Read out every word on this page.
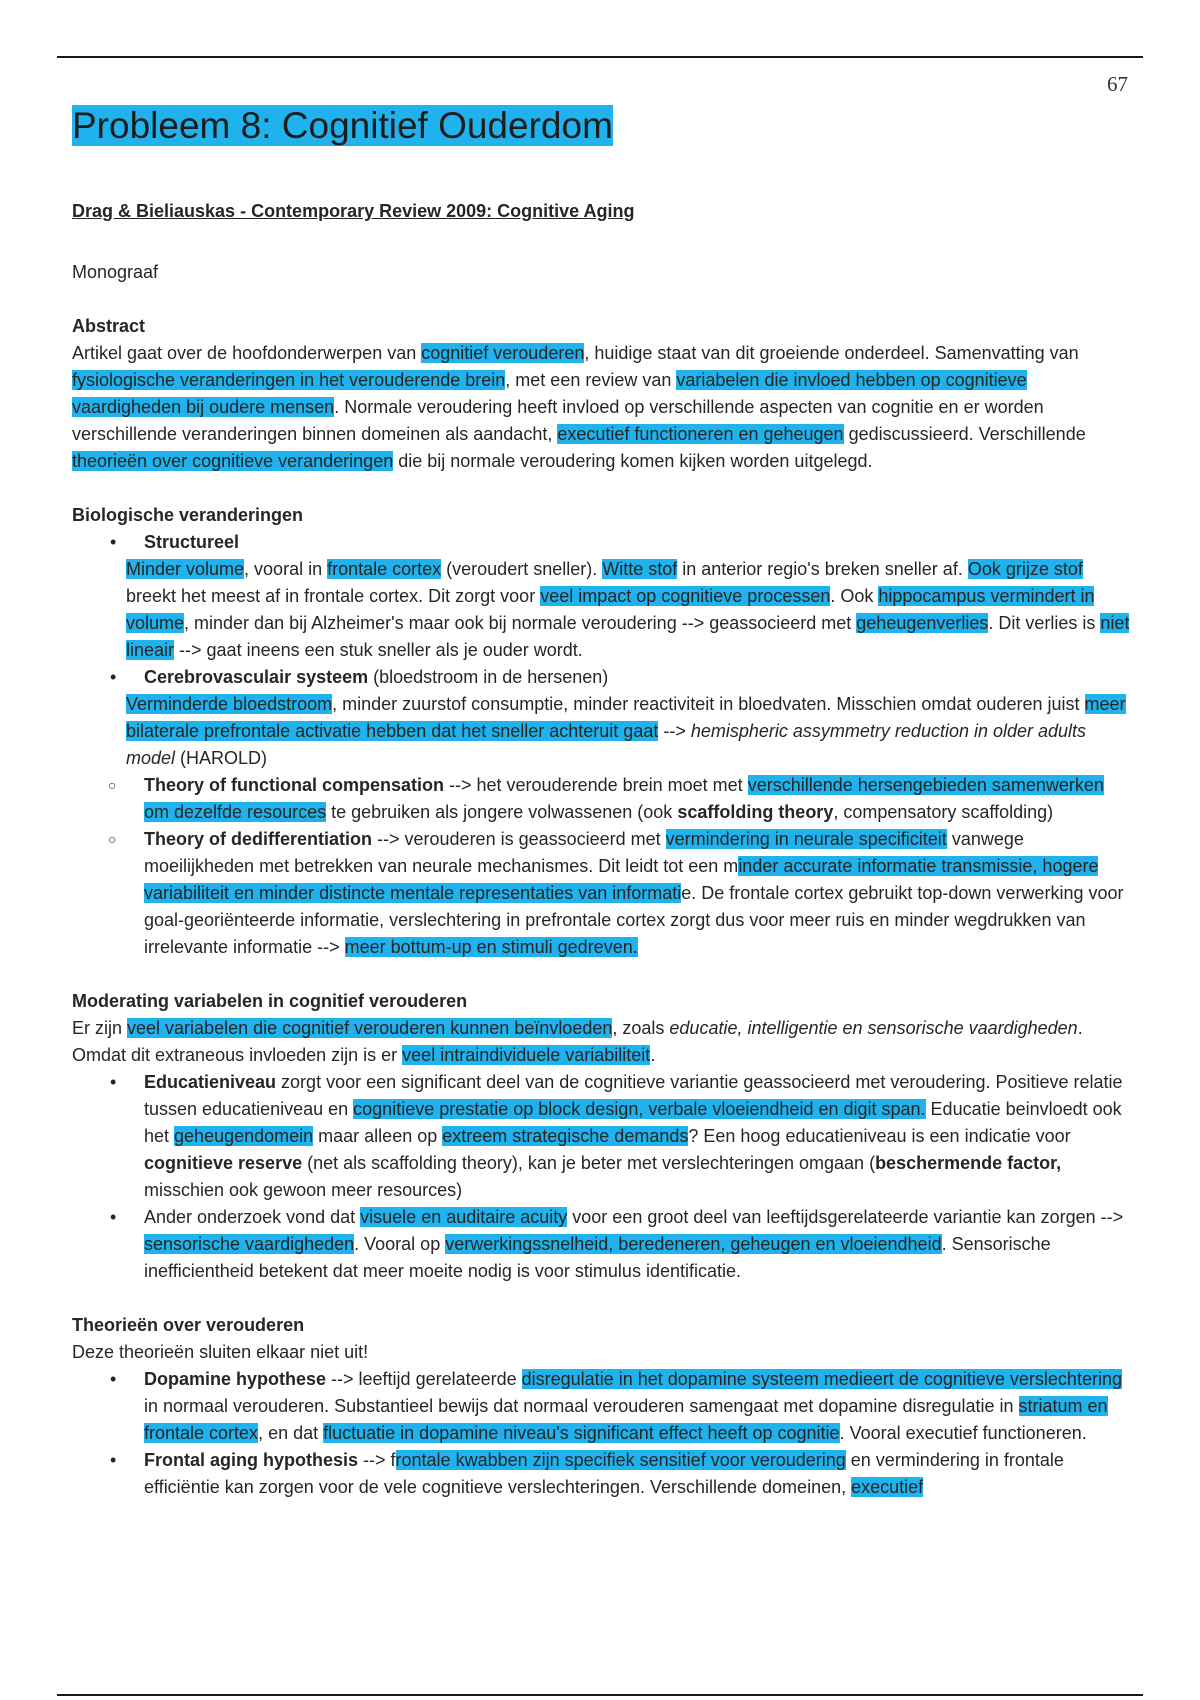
67
Probleem 8: Cognitief Ouderdom

Drag & Bieliauskas - Contemporary Review 2009: Cognitive Aging

Monograaf

Abstract

Artikel gaat over de hoofdonderwerpen van cognitief verouderen, huidige staat van dit groeiende onderdeel. Samenvatting van fysiologische veranderingen in het verouderende brein, met een review van variabelen die invloed hebben op cognitieve vaardigheden bij oudere mensen. Normale veroudering heeft invloed op verschillende aspecten van cognitie en er worden verschillende veranderingen binnen domeinen als aandacht, executief functioneren en geheugen gediscussieerd. Verschillende theorieën over cognitieve veranderingen die bij normale veroudering komen kijken worden uitgelegd.

Biologische veranderingen

• Structureel
Minder volume, vooral in frontale cortex (veroudert sneller). Witte stof in anterior regio's breken sneller af. Ook grijze stof breekt het meest af in frontale cortex. Dit zorgt voor veel impact op cognitieve processen. Ook hippocampus vermindert in volume, minder dan bij Alzheimer's maar ook bij normale veroudering --> geassocieerd met geheugenverlies. Dit verlies is niet lineair --> gaat ineens een stuk sneller als je ouder wordt.
• Cerebrovasculair systeem (bloedstroom in de hersenen)
Verminderde bloedstroom, minder zuurstof consumptie, minder reactiviteit in bloedvaten. Misschien omdat ouderen juist meer bilaterale prefrontale activatie hebben dat het sneller achteruit gaat --> hemispheric assymmetry reduction in older adults model (HAROLD)
○ Theory of functional compensation --> het verouderende brein moet met verschillende hersengebieden samenwerken om dezelfde resources te gebruiken als jongere volwassenen (ook scaffolding theory, compensatory scaffolding)
○ Theory of dedifferentiation --> verouderen is geassocieerd met vermindering in neurale specificiteit vanwege moeilijkheden met betrekken van neurale mechanismes. Dit leidt tot een minder accurate informatie transmissie, hogere variabiliteit en minder distincte mentale representaties van informatie. De frontale cortex gebruikt top-down verwerking voor goal-georiënteerde informatie, verslechtering in prefrontale cortex zorgt dus voor meer ruis en minder wegdrukken van irrelevante informatie --> meer bottum-up en stimuli gedreven.

Moderating variabelen in cognitief verouderen

Er zijn veel variabelen die cognitief verouderen kunnen beïnvloeden, zoals educatie, intelligentie en sensorische vaardigheden. Omdat dit extraneous invloeden zijn is er veel intraindividuele variabiliteit.

• Educatieniveau zorgt voor een significant deel van de cognitieve variantie geassocieerd met veroudering. Positieve relatie tussen educatieniveau en cognitieve prestatie op block design, verbale vloeiendheid en digit span. Educatie beinvloedt ook het geheugendomein maar alleen op extreem strategische demands? Een hoog educatieniveau is een indicatie voor cognitieve reserve (net als scaffolding theory), kan je beter met verslechteringen omgaan (beschermende factor, misschien ook gewoon meer resources)
• Ander onderzoek vond dat visuele en auditaire acuity voor een groot deel van leeftijdsgerelateerde variantie kan zorgen --> sensorische vaardigheden. Vooral op verwerkingssnelheid, beredeneren, geheugen en vloeiendheid. Sensorische inefficientheid betekent dat meer moeite nodig is voor stimulus identificatie.

Theorieën over verouderen

Deze theorieën sluiten elkaar niet uit!

• Dopamine hypothese --> leeftijd gerelateerde disregulatie in het dopamine systeem medieert de cognitieve verslechtering in normaal verouderen. Substantieel bewijs dat normaal verouderen samengaat met dopamine disregulatie in striatum en frontale cortex, en dat fluctuatie in dopamine niveau's significant effect heeft op cognitie. Vooral executief functioneren.
• Frontal aging hypothesis --> frontale kwabben zijn specifiek sensitief voor veroudering en vermindering in frontale efficiëntie kan zorgen voor de vele cognitieve verslechteringen. Verschillende domeinen, executief
